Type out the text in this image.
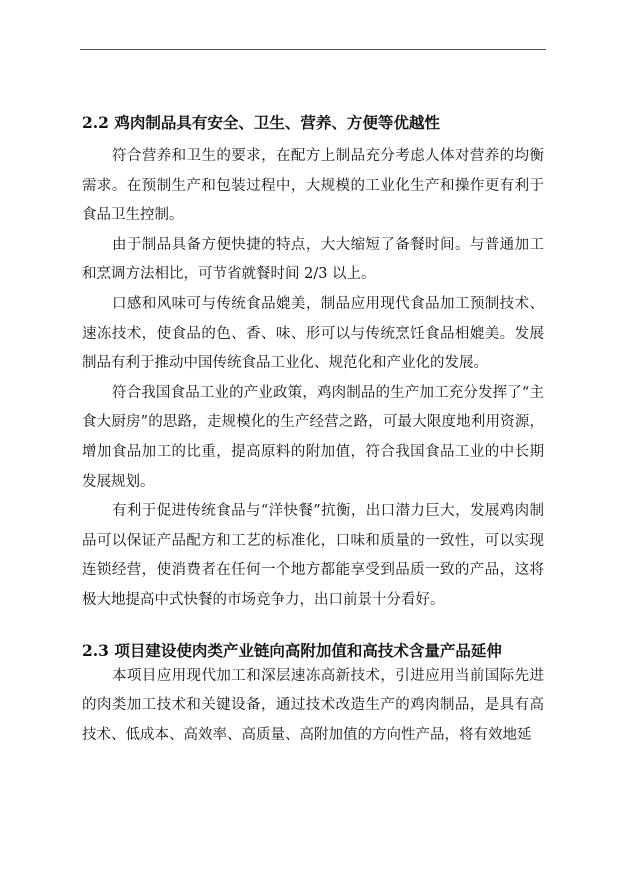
2.2 鸡肉制品具有安全、卫生、营养、方便等优越性

符合营养和卫生的要求，在配方上制品充分考虑人体对营养的均衡需求。在预制生产和包装过程中，大规模的工业化生产和操作更有利于食品卫生控制。

由于制品具备方便快捷的特点，大大缩短了备餐时间。与普通加工和烹调方法相比，可节省就餐时间 2/3 以上。

口感和风味可与传统食品媲美，制品应用现代食品加工预制技术、速冻技术，使食品的色、香、味、形可以与传统烹饪食品相媲美。发展制品有利于推动中国传统食品工业化、规范化和产业化的发展。

符合我国食品工业的产业政策，鸡肉制品的生产加工充分发挥了“主食大厨房”的思路，走规模化的生产经营之路，可最大限度地利用资源，增加食品加工的比重，提高原料的附加值，符合我国食品工业的中长期发展规划。

有利于促进传统食品与“洋快餐”抗衡，出口潜力巨大，发展鸡肉制品可以保证产品配方和工艺的标准化，口味和质量的一致性，可以实现连锁经营，使消费者在任何一个地方都能享受到品质一致的产品，这将极大地提高中式快餐的市场竞争力，出口前景十分看好。

2.3 项目建设使肉类产业链向高附加值和高技术含量产品延伸

本项目应用现代加工和深层速冻高新技术，引进应用当前国际先进的肉类加工技术和关键设备，通过技术改造生产的鸡肉制品，是具有高技术、低成本、高效率、高质量、高附加值的方向性产品，将有效地延
